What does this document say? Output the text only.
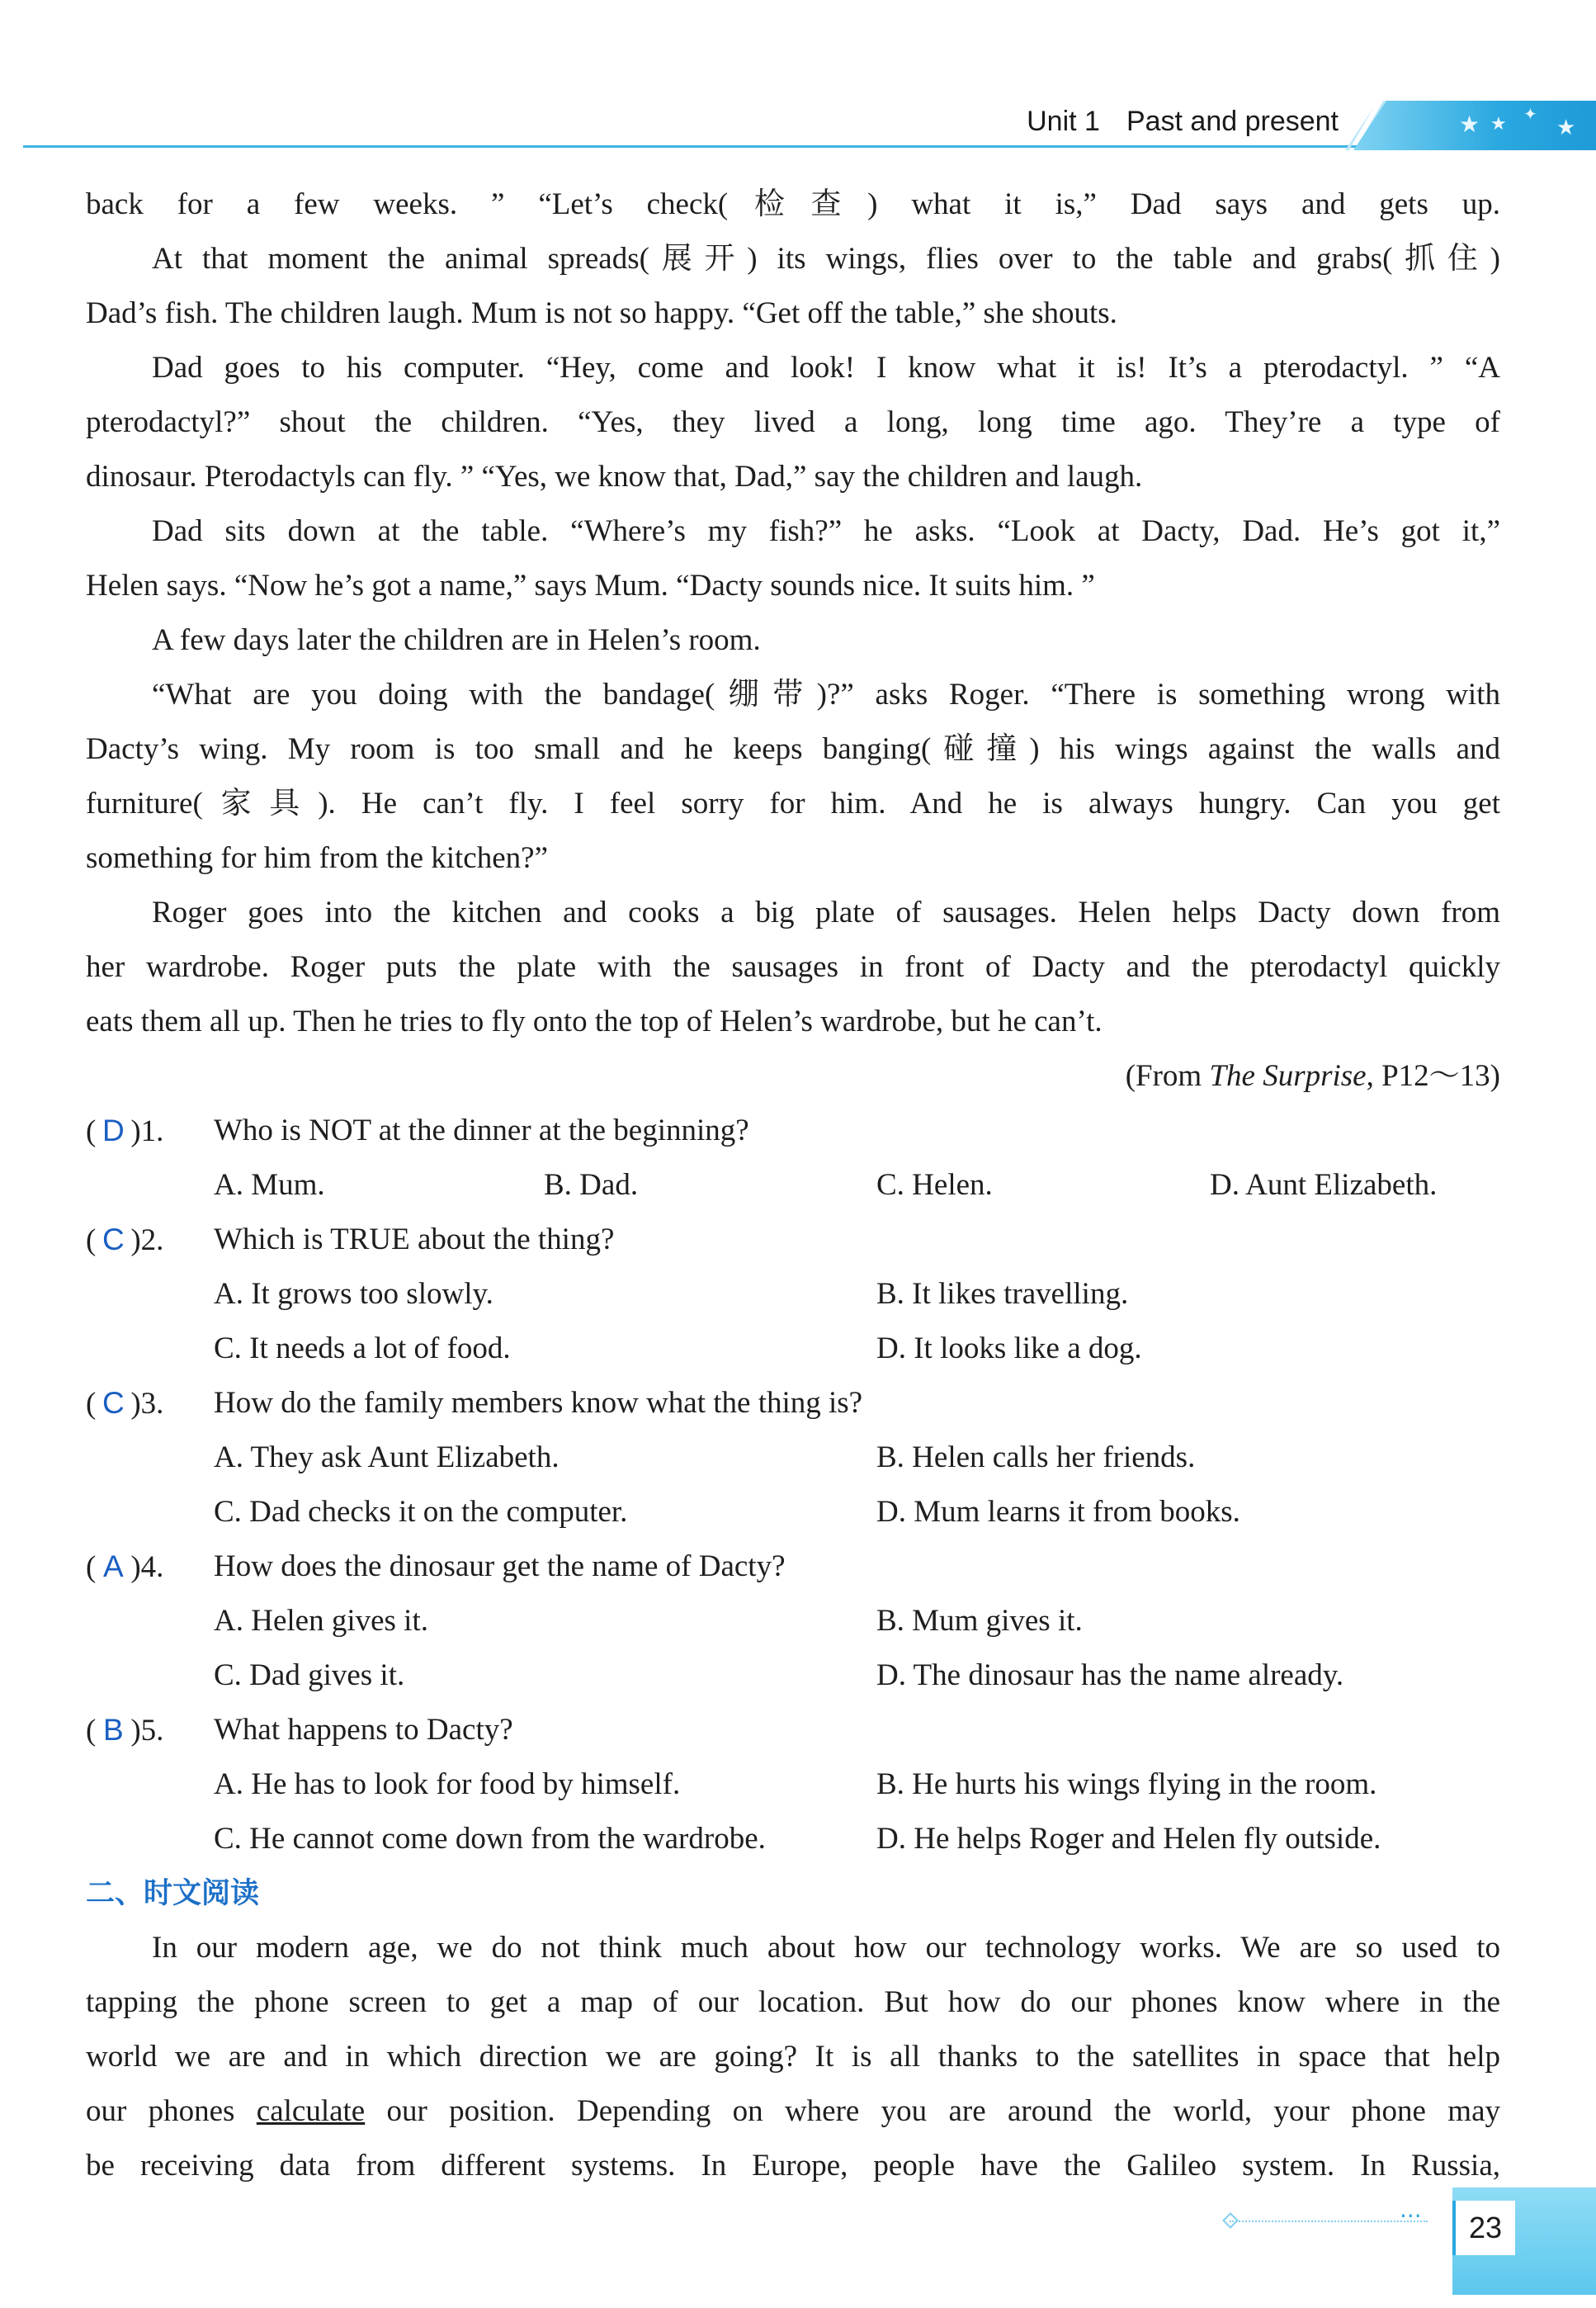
★ ★ ✦
★
Unit 1 Past and present
back for a few weeks. ” “Let’s check(检查) what it is,” Dad says and gets up.
At that moment the animal spreads(展开) its wings, flies over to the table and grabs(抓住)
Dad’s fish. The children laugh. Mum is not so happy. “Get off the table,” she shouts.
Dad goes to his computer. “Hey, come and look! I know what it is! It’s a pterodactyl. ” “A
pterodactyl?” shout the children. “Yes, they lived a long, long time ago. They’re a type of
dinosaur. Pterodactyls can fly. ” “Yes, we know that, Dad,” say the children and laugh.
Dad sits down at the table. “Where’s my fish?” he asks. “Look at Dacty, Dad. He’s got it,”
Helen says. “Now he’s got a name,” says Mum. “Dacty sounds nice. It suits him. ”
A few days later the children are in Helen’s room.
“What are you doing with the bandage(绷带)?” asks Roger. “There is something wrong with
Dacty’s wing. My room is too small and he keeps banging(碰撞) his wings against the walls and
furniture(家具). He can’t fly. I feel sorry for him. And he is always hungry. Can you get
something for him from the kitchen?”
Roger goes into the kitchen and cooks a big plate of sausages. Helen helps Dacty down from
her wardrobe. Roger puts the plate with the sausages in front of Dacty and the pterodactyl quickly
eats them all up. Then he tries to fly onto the top of Helen’s wardrobe, but he can’t.
(From The Surprise, P12～13)
( D )1. Who is NOT at the dinner at the beginning?
A. Mum.	B. Dad.	C. Helen.	D. Aunt Elizabeth.
( C )2. Which is TRUE about the thing?
A. It grows too slowly.	B. It likes travelling.
C. It needs a lot of food.	D. It looks like a dog.
( C )3. How do the family members know what the thing is?
A. They ask Aunt Elizabeth.	B. Helen calls her friends.
C. Dad checks it on the computer.	D. Mum learns it from books.
( A )4. How does the dinosaur get the name of Dacty?
A. Helen gives it.	B. Mum gives it.
C. Dad gives it.	D. The dinosaur has the name already.
( B )5. What happens to Dacty?
A. He has to look for food by himself.	B. He hurts his wings flying in the room.
C. He cannot come down from the wardrobe.	D. He helps Roger and Helen fly outside.
二、时文阅读
In our modern age, we do not think much about how our technology works. We are so used to
tapping the phone screen to get a map of our location. But how do our phones know where in the
world we are and in which direction we are going? It is all thanks to the satellites in space that help
our phones calculate our position. Depending on where you are around the world, your phone may
be receiving data from different systems. In Europe, people have the Galileo system. In Russia,
···	23
